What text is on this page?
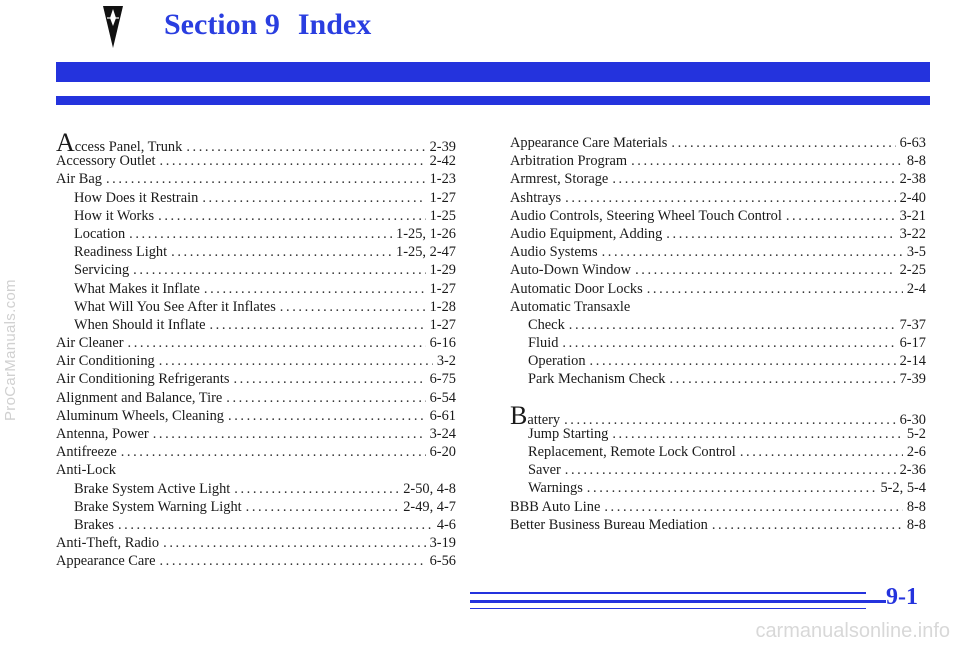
ProCarManuals.com
Section 9 Index
Access Panel, Trunk . . .	2-39
Accessory Outlet . . .	2-42
Air Bag . . .	1-23
How Does it Restrain . . .	1-27
How it Works . . .	1-25
Location . . .	1-25, 1-26
Readiness Light . . .	1-25, 2-47
Servicing . . .	1-29
What Makes it Inflate . . .	1-27
What Will You See After it Inflates . . .	1-28
When Should it Inflate . . .	1-27
Air Cleaner . . .	6-16
Air Conditioning . . .	3-2
Air Conditioning Refrigerants . . .	6-75
Alignment and Balance, Tire . . .	6-54
Aluminum Wheels, Cleaning . . .	6-61
Antenna, Power . . .	3-24
Antifreeze . . .	6-20
Anti-Lock
Brake System Active Light . . .	2-50, 4-8
Brake System Warning Light . . .	2-49, 4-7
Brakes . . .	4-6
Anti-Theft, Radio . . .	3-19
Appearance Care . . .	6-56
Appearance Care Materials . . .	6-63
Arbitration Program . . .	8-8
Armrest, Storage . . .	2-38
Ashtrays . . .	2-40
Audio Controls, Steering Wheel Touch Control . . .	3-21
Audio Equipment, Adding . . .	3-22
Audio Systems . . .	3-5
Auto-Down Window . . .	2-25
Automatic Door Locks . . .	2-4
Automatic Transaxle
Check . . .	7-37
Fluid . . .	6-17
Operation . . .	2-14
Park Mechanism Check . . .	7-39
Battery . . .	6-30
Jump Starting . . .	5-2
Replacement, Remote Lock Control . . .	2-6
Saver . . .	2-36
Warnings . . .	5-2, 5-4
BBB Auto Line . . .	8-8
Better Business Bureau Mediation . . .	8-8
9-1
carmanualsonline.info
